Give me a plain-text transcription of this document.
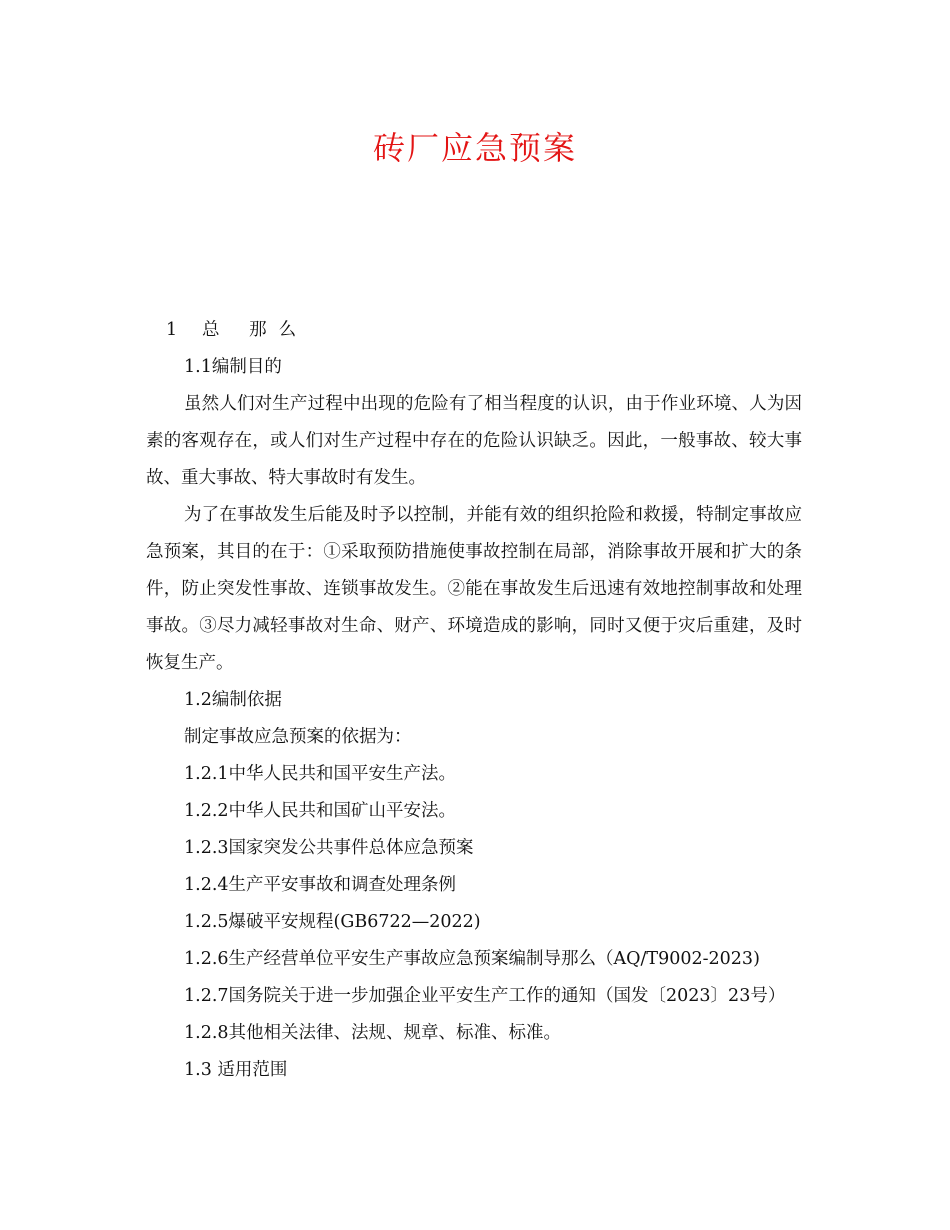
砖厂应急预案

1 总 那么

1.1编制目的

虽然人们对生产过程中出现的危险有了相当程度的认识，由于作业环境、人为因素的客观存在，或人们对生产过程中存在的危险认识缺乏。因此，一般事故、较大事故、重大事故、特大事故时有发生。

为了在事故发生后能及时予以控制，并能有效的组织抢险和救援，特制定事故应急预案，其目的在于：①采取预防措施使事故控制在局部，消除事故开展和扩大的条件，防止突发性事故、连锁事故发生。②能在事故发生后迅速有效地控制事故和处理事故。③尽力减轻事故对生命、财产、环境造成的影响，同时又便于灾后重建，及时恢复生产。

1.2编制依据

制定事故应急预案的依据为：

1.2.1中华人民共和国平安生产法。

1.2.2中华人民共和国矿山平安法。

1.2.3国家突发公共事件总体应急预案

1.2.4生产平安事故和调查处理条例

1.2.5爆破平安规程(GB6722—2022)

1.2.6生产经营单位平安生产事故应急预案编制导那么（AQ/T9002-2023)

1.2.7国务院关于进一步加强企业平安生产工作的通知（国发〔2023〕23号）

1.2.8其他相关法律、法规、规章、标准、标准。

1.3 适用范围
